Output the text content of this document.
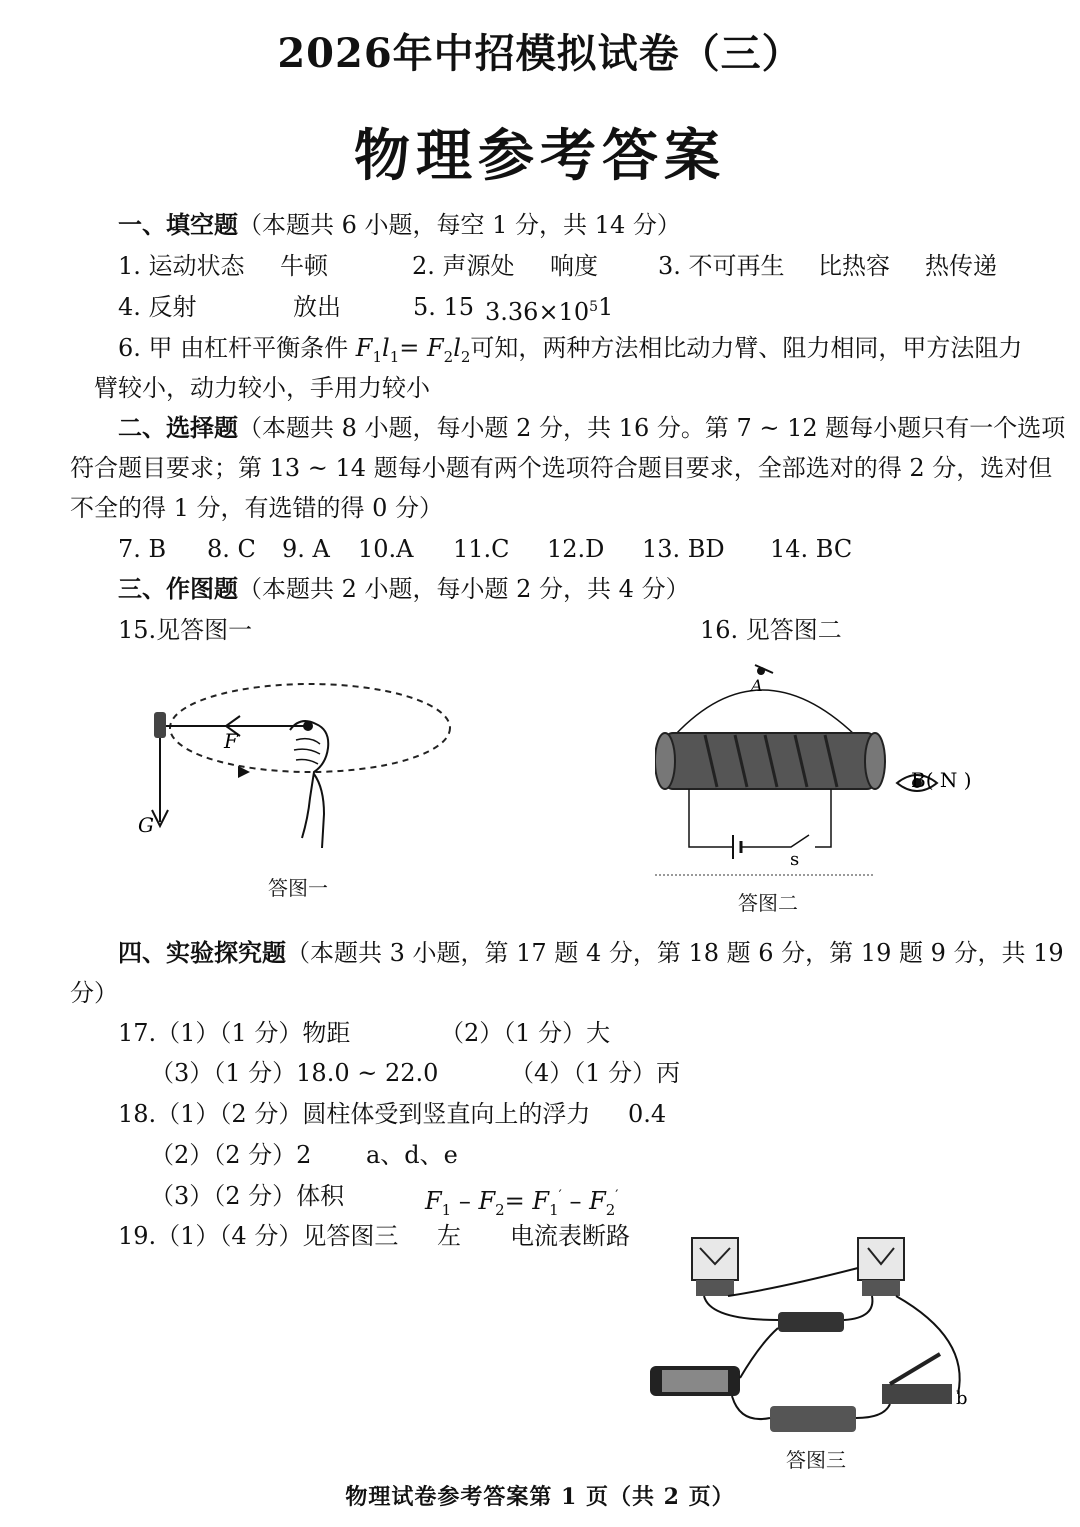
2026年中招模拟试卷（三）
物理参考答案
一、填空题（本题共 6 小题，每空 1 分，共 14 分）
1. 运动状态 牛顿	2. 声源处 响度	3. 不可再生 比热容 热传递
4. 反射	放出	5. 15 $3.36\times 10^5$ 1
6. 甲 由杠杆平衡条件 $F_1l_1= F_2l_2$可知，两种方法相比动力臂、阻力相同，甲方法阻力
臂较小，动力较小，手用力较小
二、选择题（本题共 8 小题，每小题 2 分，共 16 分。第 7 ~ 12 题每小题只有一个选项
符合题目要求；第 13 ~ 14 题每小题有两个选项符合题目要求，全部选对的得 2 分，选对但
不全的得 1 分，有选错的得 0 分）
7. B 8. C 9. A 10.A 11.C 12.D 13. BD 14. BC
三、作图题（本题共 2 小题，每小题 2 分，共 4 分）
15.见答图一	16. 见答图二
F
G
答图一
A
B( N )
s
答图二
四、实验探究题（本题共 3 小题，第 17 题 4 分，第 18 题 6 分，第 19 题 9 分，共 19
分）
17.（1）（1 分）物距	（2）（1 分）大
（3）（1 分）18.0 ~ 22.0	（4）（1 分）丙
18.（1）（2 分）圆柱体受到竖直向上的浮力 0.4
（2）（2 分）2 a、d、e
（3）（2 分）体积	$F_1 - F_2= F_1' - F_2'$
19.（1）（4 分）见答图三 左 电流表断路
b
答图三
物理试卷参考答案第 1 页（共 2 页）
